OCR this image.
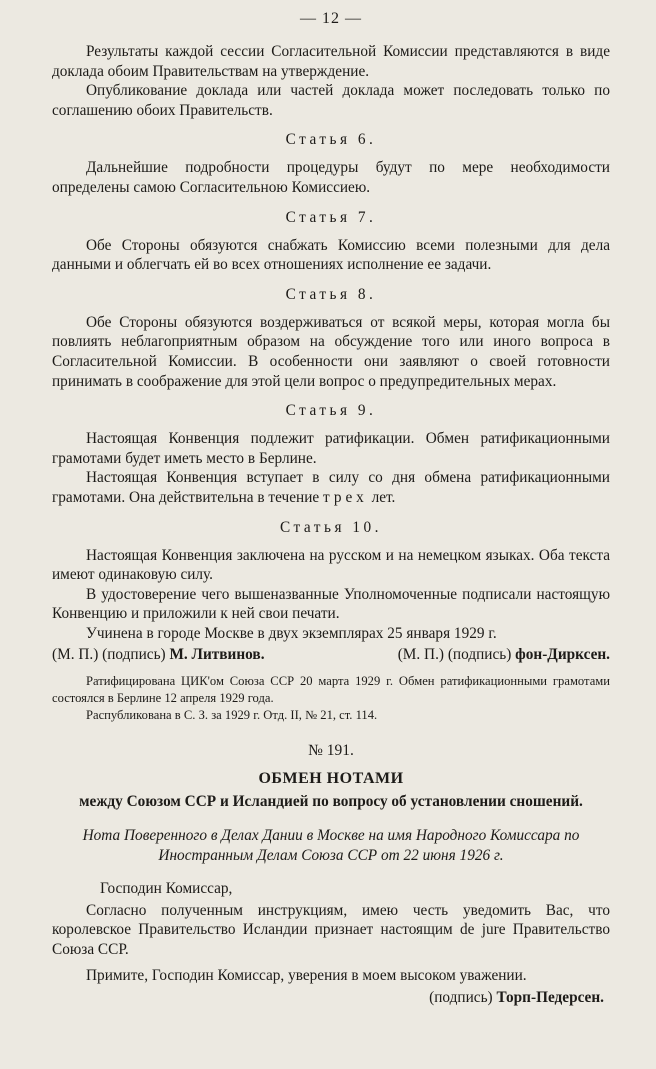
— 12 —

Результаты каждой сессии Согласительной Комиссии представляются в виде доклада обоим Правительствам на утверждение.

Опубликование доклада или частей доклада может последовать только по соглашению обоих Правительств.

Статья 6.

Дальнейшие подробности процедуры будут по мере необходимости определены самою Согласительною Комиссиею.

Статья 7.

Обе Стороны обязуются снабжать Комиссию всеми полезными для дела данными и облегчать ей во всех отношениях исполнение ее задачи.

Статья 8.

Обе Стороны обязуются воздерживаться от всякой меры, которая могла бы повлиять неблагоприятным образом на обсуждение того или иного вопроса в Согласительной Комиссии. В особенности они заявляют о своей готовности принимать в соображение для этой цели вопрос о предупредительных мерах.

Статья 9.

Настоящая Конвенция подлежит ратификации. Обмен ратификационными грамотами будет иметь место в Берлине.

Настоящая Конвенция вступает в силу со дня обмена ратификационными грамотами. Она действительна в течение трех лет.

Статья 10.

Настоящая Конвенция заключена на русском и на немецком языках. Оба текста имеют одинаковую силу.

В удостоверение чего вышеназванные Уполномоченные подписали настоящую Конвенцию и приложили к ней свои печати.

Учинена в городе Москве в двух экземплярах 25 января 1929 г.

(М. П.) (подпись) М. Литвинов.	(М. П.) (подпись) фон-Дирксен.

Ратифицирована ЦИК'ом Союза ССР 20 марта 1929 г. Обмен ратификационными грамотами состоялся в Берлине 12 апреля 1929 года.

Распубликована в С. З. за 1929 г. Отд. II, № 21, ст. 114.

№ 191.
ОБМЕН НОТАМИ
между Союзом ССР и Исландией по вопросу об установлении сношений.
Нота Поверенного в Делах Дании в Москве на имя Народного Комиссара по Иностранным Делам Союза ССР от 22 июня 1926 г.

Господин Комиссар,

Согласно полученным инструкциям, имею честь уведомить Вас, что королевское Правительство Исландии признает настоящим de jure Правительство Союза ССР.

Примите, Господин Комиссар, уверения в моем высоком уважении.

(подпись) Торп-Педерсен.
